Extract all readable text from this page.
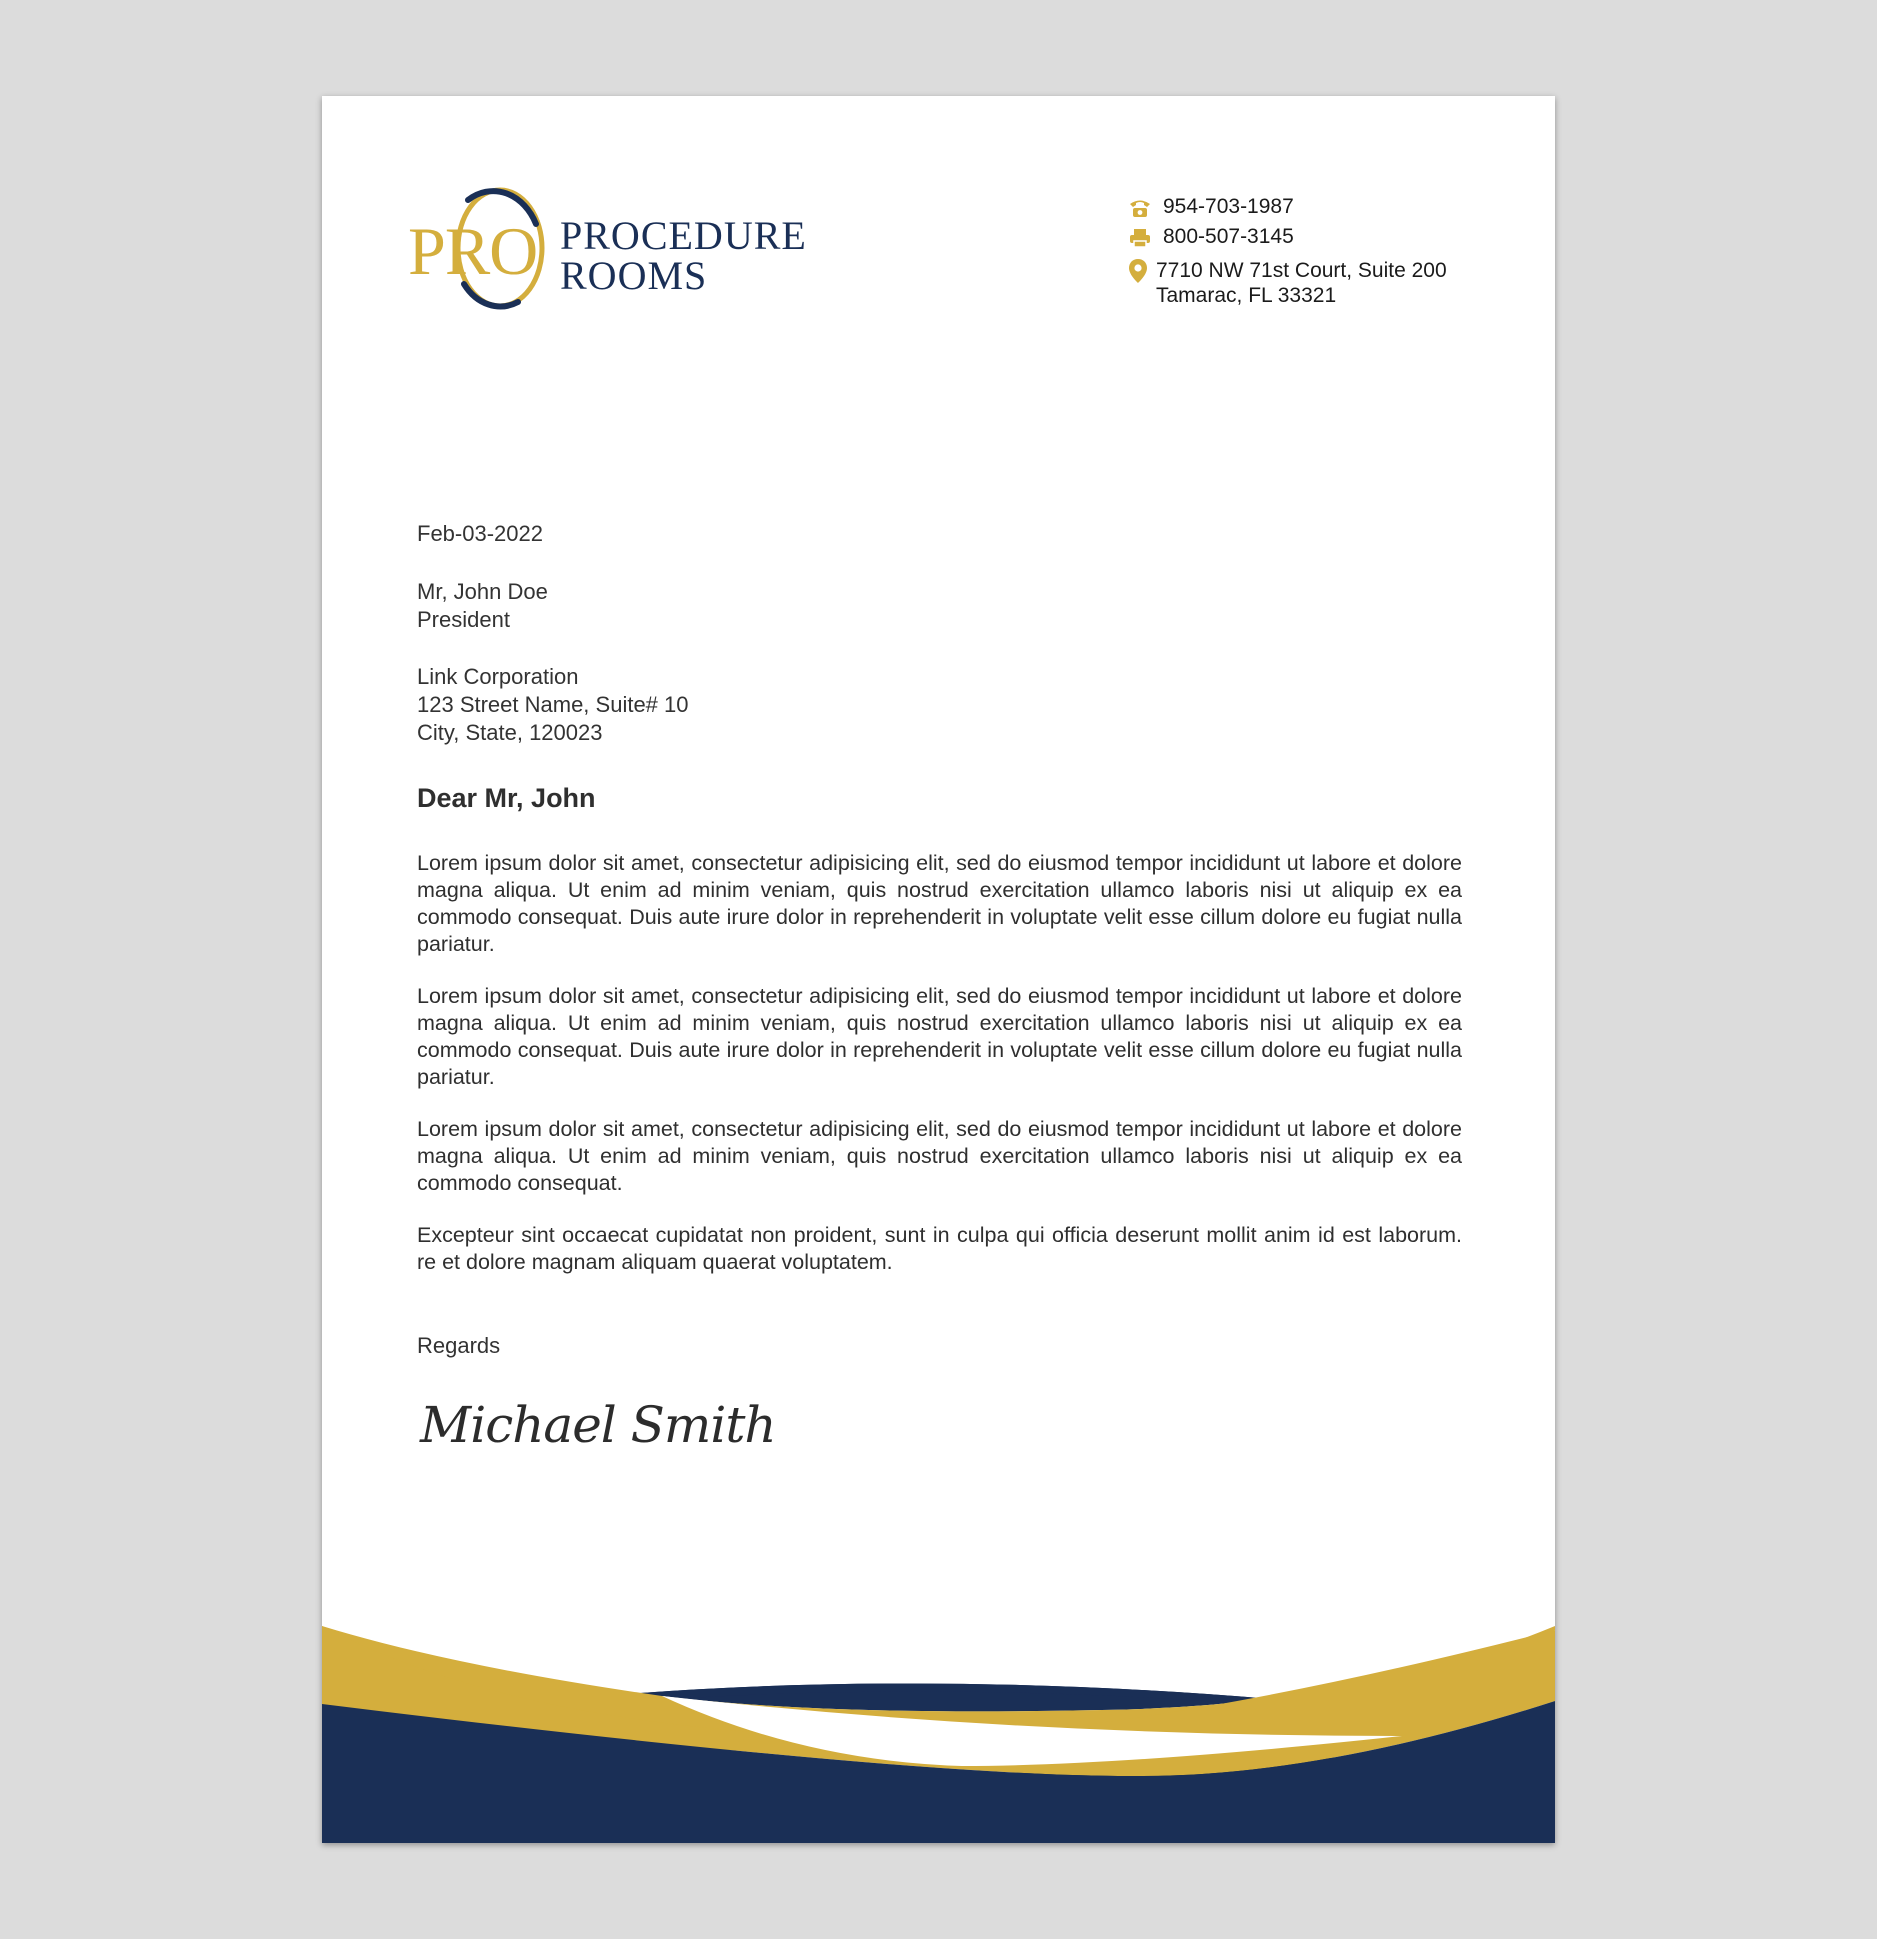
PRO PROCEDURE
ROOMS
954-703-1987
800-507-3145
7710 NW 71st Court, Suite 200
Tamarac, FL 33321
Feb-03-2022
Mr, John Doe
President
Link Corporation
123 Street Name, Suite# 10
City, State, 120023
Dear Mr, John

Lorem ipsum dolor sit amet, consectetur adipisicing elit, sed do eiusmod tempor incididunt ut labore et dolore magna aliqua. Ut enim ad minim veniam, quis nostrud exercitation ullamco laboris nisi ut aliquip ex ea commodo consequat. Duis aute irure dolor in reprehenderit in voluptate velit esse cillum dolore eu fugiat nulla pariatur.

Lorem ipsum dolor sit amet, consectetur adipisicing elit, sed do eiusmod tempor incididunt ut labore et dolore magna aliqua. Ut enim ad minim veniam, quis nostrud exercitation ullamco laboris nisi ut aliquip ex ea commodo consequat. Duis aute irure dolor in reprehenderit in voluptate velit esse cillum dolore eu fugiat nulla pariatur.

Lorem ipsum dolor sit amet, consectetur adipisicing elit, sed do eiusmod tempor incididunt ut labore et dolore magna aliqua. Ut enim ad minim veniam, quis nostrud exercitation ullamco laboris nisi ut aliquip ex ea commodo consequat.

Excepteur sint occaecat cupidatat non proident, sunt in culpa qui officia deserunt mollit anim id est laborum. re et dolore magnam aliquam quaerat voluptatem.

Regards
Michael Smith
